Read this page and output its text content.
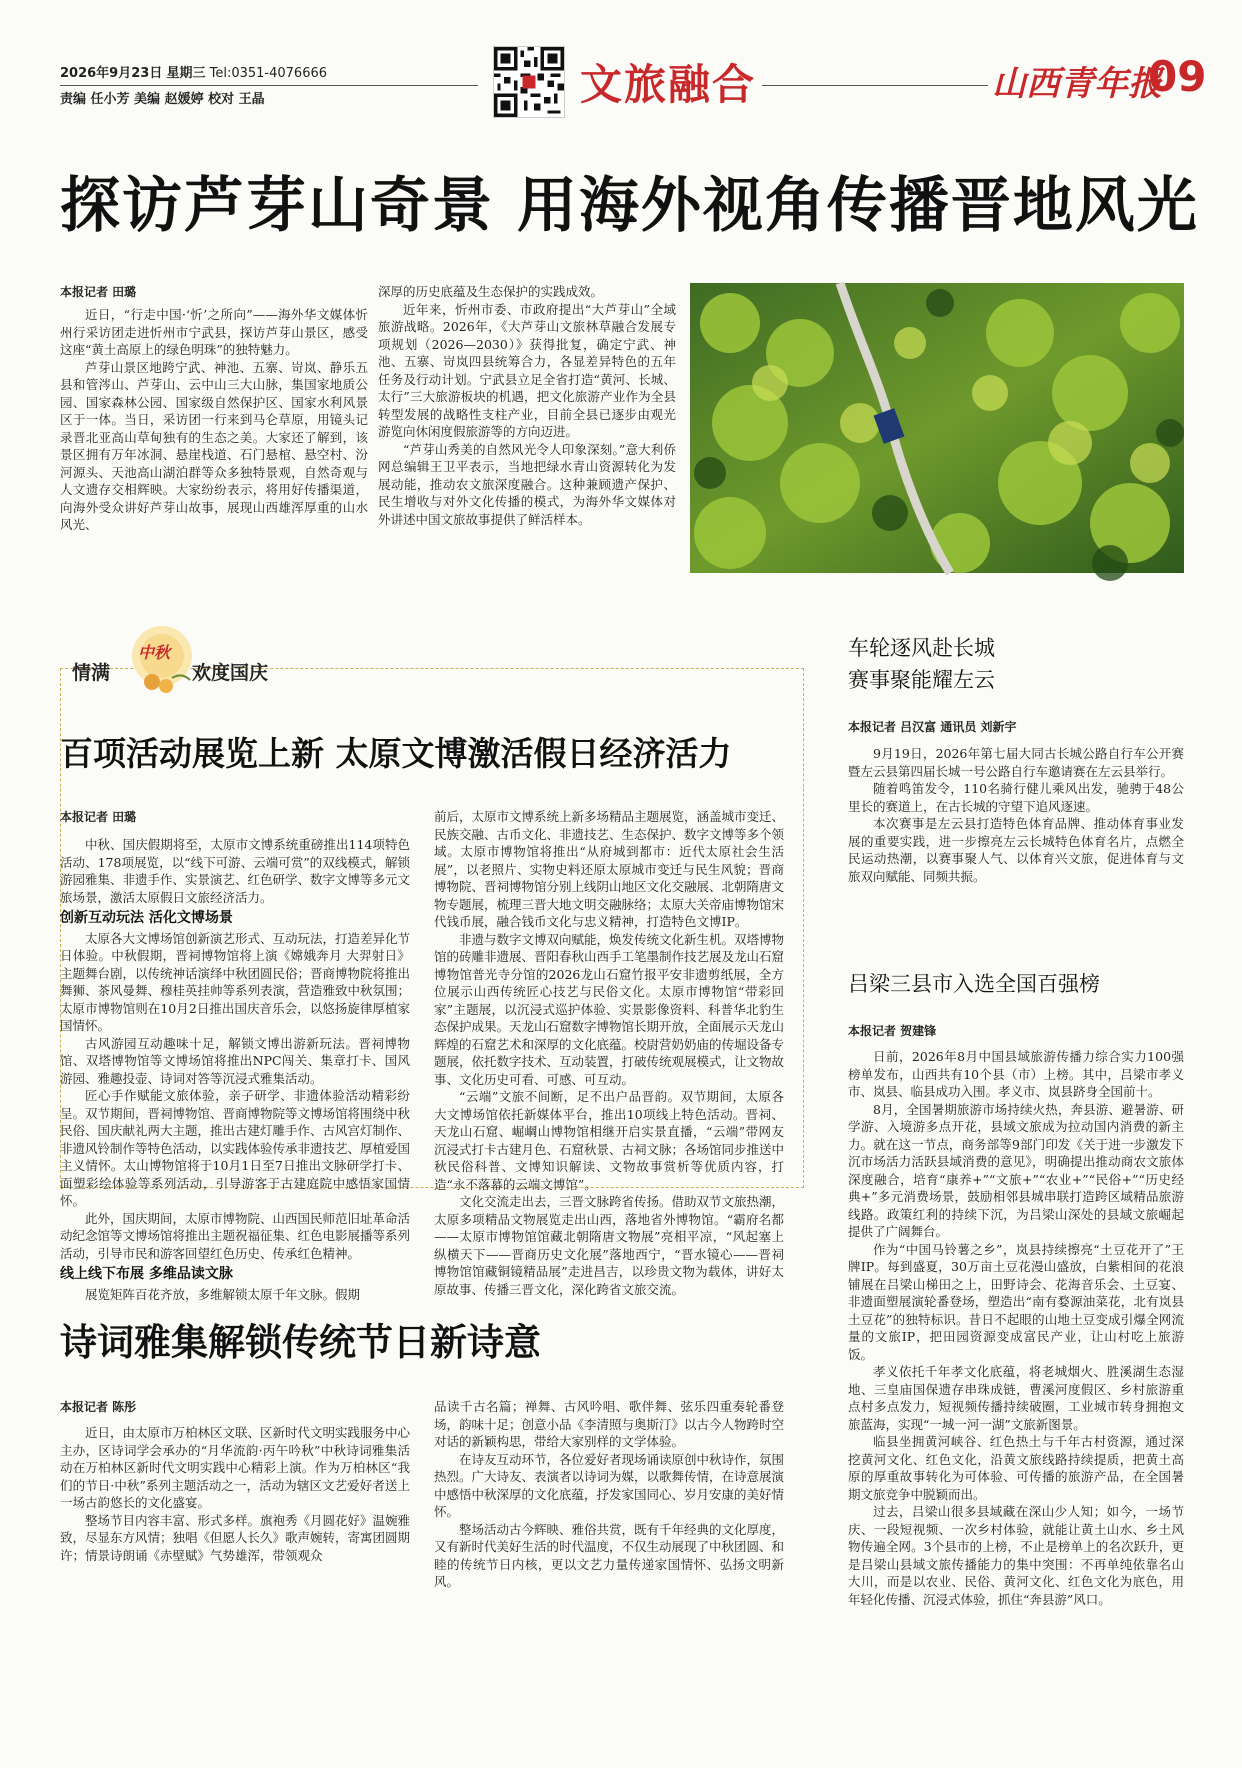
2026年9月23日 星期三 Tel:0351-4076666
责编 任小芳 美编 赵媛婷 校对 王晶	文旅融合	山西青年报
09
探访芦芽山奇景 用海外视角传播晋地风光
本报记者 田璐

近日，“行走中国·‘忻’之所向”——海外华文媒体忻州行采访团走进忻州市宁武县，探访芦芽山景区，感受这座“黄土高原上的绿色明珠”的独特魅力。

芦芽山景区地跨宁武、神池、五寨、岢岚、静乐五县和管涔山、芦芽山、云中山三大山脉，集国家地质公园、国家森林公园、国家级自然保护区、国家水利风景区于一体。当日，采访团一行来到马仑草原，用镜头记录晋北亚高山草甸独有的生态之美。大家还了解到，该景区拥有万年冰洞、悬崖栈道、石门悬棺、悬空村、汾河源头、天池高山湖泊群等众多独特景观，自然奇观与人文遗存交相辉映。大家纷纷表示，将用好传播渠道，向海外受众讲好芦芽山故事，展现山西雄浑厚重的山水风光、

深厚的历史底蕴及生态保护的实践成效。

近年来，忻州市委、市政府提出“大芦芽山”全域旅游战略。2026年，《大芦芽山文旅林草融合发展专项规划（2026—2030）》获得批复，确定宁武、神池、五寨、岢岚四县统筹合力，各显差异特色的五年任务及行动计划。宁武县立足全省打造“黄河、长城、太行”三大旅游板块的机遇，把文化旅游产业作为全县转型发展的战略性支柱产业，目前全县已逐步由观光游览向休闲度假旅游等的方向迈进。

“芦芽山秀美的自然风光令人印象深刻。”意大利侨网总编辑王卫平表示，当地把绿水青山资源转化为发展动能，推动农文旅深度融合。这种兼顾遗产保护、民生增收与对外文化传播的模式，为海外华文媒体对外讲述中国文旅故事提供了鲜活样本。

情满
中秋
欢度国庆
百项活动展览上新 太原文博激活假日经济活力
本报记者 田璐

中秋、国庆假期将至，太原市文博系统重磅推出114项特色活动、178项展览，以“线下可游、云端可赏”的双线模式，解锁游园雅集、非遗手作、实景演艺、红色研学、数字文博等多元文旅场景，激活太原假日文旅经济活力。

创新互动玩法 活化文博场景

太原各大文博场馆创新演艺形式、互动玩法，打造差异化节日体验。中秋假期，晋祠博物馆将上演《嫦娥奔月 大羿射日》主题舞台剧，以传统神话演绎中秋团圆民俗；晋商博物院将推出舞狮、茶风曼舞、穆桂英挂帅等系列表演，营造雅致中秋氛围；太原市博物馆则在10月2日推出国庆音乐会，以悠扬旋律厚植家国情怀。

古风游园互动趣味十足，解锁文博出游新玩法。晋祠博物馆、双塔博物馆等文博场馆将推出NPC闯关、集章打卡、国风游园、雅趣投壶、诗词对答等沉浸式雅集活动。

匠心手作赋能文旅体验，亲子研学、非遗体验活动精彩纷呈。双节期间，晋祠博物馆、晋商博物院等文博场馆将围绕中秋民俗、国庆献礼两大主题，推出古建灯雕手作、古风宫灯制作、非遗风铃制作等特色活动，以实践体验传承非遗技艺、厚植爱国主义情怀。太山博物馆将于10月1日至7日推出文脉研学打卡、面塑彩绘体验等系列活动，引导游客于古建庭院中感悟家国情怀。

此外，国庆期间，太原市博物院、山西国民师范旧址革命活动纪念馆等文博场馆将推出主题祝福征集、红色电影展播等系列活动，引导市民和游客回望红色历史、传承红色精神。

线上线下布展 多维品读文脉

展览矩阵百花齐放，多维解锁太原千年文脉。假期

前后，太原市文博系统上新多场精品主题展览，涵盖城市变迁、民族交融、古币文化、非遗技艺、生态保护、数字文博等多个领域。太原市博物馆将推出“从府城到都市：近代太原社会生活展”，以老照片、实物史料还原太原城市变迁与民生风貌；晋商博物院、晋祠博物馆分别上线阴山地区文化交融展、北朝隋唐文物专题展，梳理三晋大地文明交融脉络；太原大关帝庙博物馆宋代钱币展，融合钱币文化与忠义精神，打造特色文博IP。

非遗与数字文博双向赋能，焕发传统文化新生机。双塔博物馆的砖雕非遗展、晋阳春秋山西手工笔墨制作技艺展及龙山石窟博物馆普光寺分馆的2026龙山石窟竹报平安非遗剪纸展，全方位展示山西传统匠心技艺与民俗文化。太原市博物馆“带彩回家”主题展，以沉浸式巡护体验、实景影像资料、科普华北豹生态保护成果。天龙山石窟数字博物馆长期开放，全面展示天龙山辉煌的石窟艺术和深厚的文化底蕴。校尉营奶奶庙的传堀设备专题展，依托数字技术、互动装置，打破传统观展模式，让文物故事、文化历史可看、可感、可互动。

“云端”文旅不间断，足不出户品晋韵。双节期间，太原各大文博场馆依托新媒体平台，推出10项线上特色活动。晋祠、天龙山石窟、崛㟠山博物馆相继开启实景直播，“云端”带网友沉浸式打卡古建月色、石窟秋景、古祠文脉；各场馆同步推送中秋民俗科普、文博知识解读、文物故事赏析等优质内容，打造“永不落幕的云端文博馆”。

文化交流走出去，三晋文脉跨省传扬。借助双节文旅热潮，太原多项精品文物展览走出山西，落地省外博物馆。“霸府名都——太原市博物馆馆藏北朝隋唐文物展”亮相平凉，“风起塞上 纵横天下——晋商历史文化展”落地西宁，“晋水镜心——晋祠博物馆馆藏铜镜精品展”走进昌吉，以珍贵文物为载体，讲好太原故事、传播三晋文化，深化跨省文旅交流。

诗词雅集解锁传统节日新诗意
本报记者 陈彤

近日，由太原市万柏林区文联、区新时代文明实践服务中心主办，区诗词学会承办的“月华流韵·丙午吟秋”中秋诗词雅集活动在万柏林区新时代文明实践中心精彩上演。作为万柏林区“我们的节日·中秋”系列主题活动之一，活动为辖区文艺爱好者送上一场古韵悠长的文化盛宴。

整场节目内容丰富、形式多样。旗袍秀《月圆花好》温婉雅致，尽显东方风情；独唱《但愿人长久》歌声婉转，寄寓团圆期许；情景诗朗诵《赤壁赋》气势雄浑，带领观众

品读千古名篇；禅舞、古风吟唱、歌伴舞、弦乐四重奏轮番登场，韵味十足；创意小品《李清照与奥斯汀》以古今人物跨时空对话的新颖构思，带给大家别样的文学体验。

在诗友互动环节，各位爱好者现场诵读原创中秋诗作，氛围热烈。广大诗友、表演者以诗词为媒，以歌舞传情，在诗意展演中感悟中秋深厚的文化底蕴，抒发家国同心、岁月安康的美好情怀。

整场活动古今辉映、雅俗共赏，既有千年经典的文化厚度，又有新时代美好生活的时代温度，不仅生动展现了中秋团圆、和睦的传统节日内核，更以文艺力量传递家国情怀、弘扬文明新风。

车轮逐风赴长城
赛事聚能耀左云
本报记者 吕汉富 通讯员 刘新宇

9月19日，2026年第七届大同古长城公路自行车公开赛暨左云县第四届长城一号公路自行车邀请赛在左云县举行。

随着鸣笛发令，110名骑行健儿乘风出发，驰骋于48公里长的赛道上，在古长城的守望下追风逐速。

本次赛事是左云县打造特色体育品牌、推动体育事业发展的重要实践，进一步擦亮左云长城特色体育名片，点燃全民运动热潮，以赛事聚人气、以体育兴文旅，促进体育与文旅双向赋能、同频共振。

吕梁三县市入选全国百强榜
本报记者 贺建锋

日前，2026年8月中国县域旅游传播力综合实力100强榜单发布，山西共有10个县（市）上榜。其中，吕梁市孝义市、岚县、临县成功入围。孝义市、岚县跻身全国前十。

8月，全国暑期旅游市场持续火热，奔县游、避暑游、研学游、入境游多点开花，县域文旅成为拉动国内消费的新主力。就在这一节点，商务部等9部门印发《关于进一步激发下沉市场活力活跃县域消费的意见》，明确提出推动商农文旅体深度融合，培育“康养+”“文旅+”“农业+”“民俗+”“历史经典+”多元消费场景，鼓励相邻县城串联打造跨区域精品旅游线路。政策红利的持续下沉，为吕梁山深处的县域文旅崛起提供了广阔舞台。

作为“中国马铃薯之乡”，岚县持续擦亮“土豆花开了”王牌IP。每到盛夏，30万亩土豆花漫山盛放，白紫相间的花浪铺展在吕梁山梯田之上，田野诗会、花海音乐会、土豆宴、非遗面塑展演轮番登场，塑造出“南有婺源油菜花，北有岚县土豆花”的独特标识。昔日不起眼的山地土豆变成引爆全网流量的文旅IP，把田园资源变成富民产业，让山村吃上旅游饭。

孝义依托千年孝文化底蕴，将老城烟火、胜溪湖生态湿地、三皇庙国保遗存串珠成链，曹溪河度假区、乡村旅游重点村多点发力，短视频传播持续破圈，工业城市转身拥抱文旅蓝海，实现“一城一河一湖”文旅新图景。

临县坐拥黄河峡谷、红色热土与千年古村资源，通过深挖黄河文化、红色文化，沿黄文旅线路持续提质，把黄土高原的厚重故事转化为可体验、可传播的旅游产品，在全国暑期文旅竞争中脱颖而出。

过去，吕梁山很多县域藏在深山少人知；如今，一场节庆、一段短视频、一次乡村体验，就能让黄土山水、乡土风物传遍全网。3个县市的上榜，不止是榜单上的名次跃升，更是吕梁山县域文旅传播能力的集中突围：不再单纯依靠名山大川，而是以农业、民俗、黄河文化、红色文化为底色，用年轻化传播、沉浸式体验，抓住“奔县游”风口。
